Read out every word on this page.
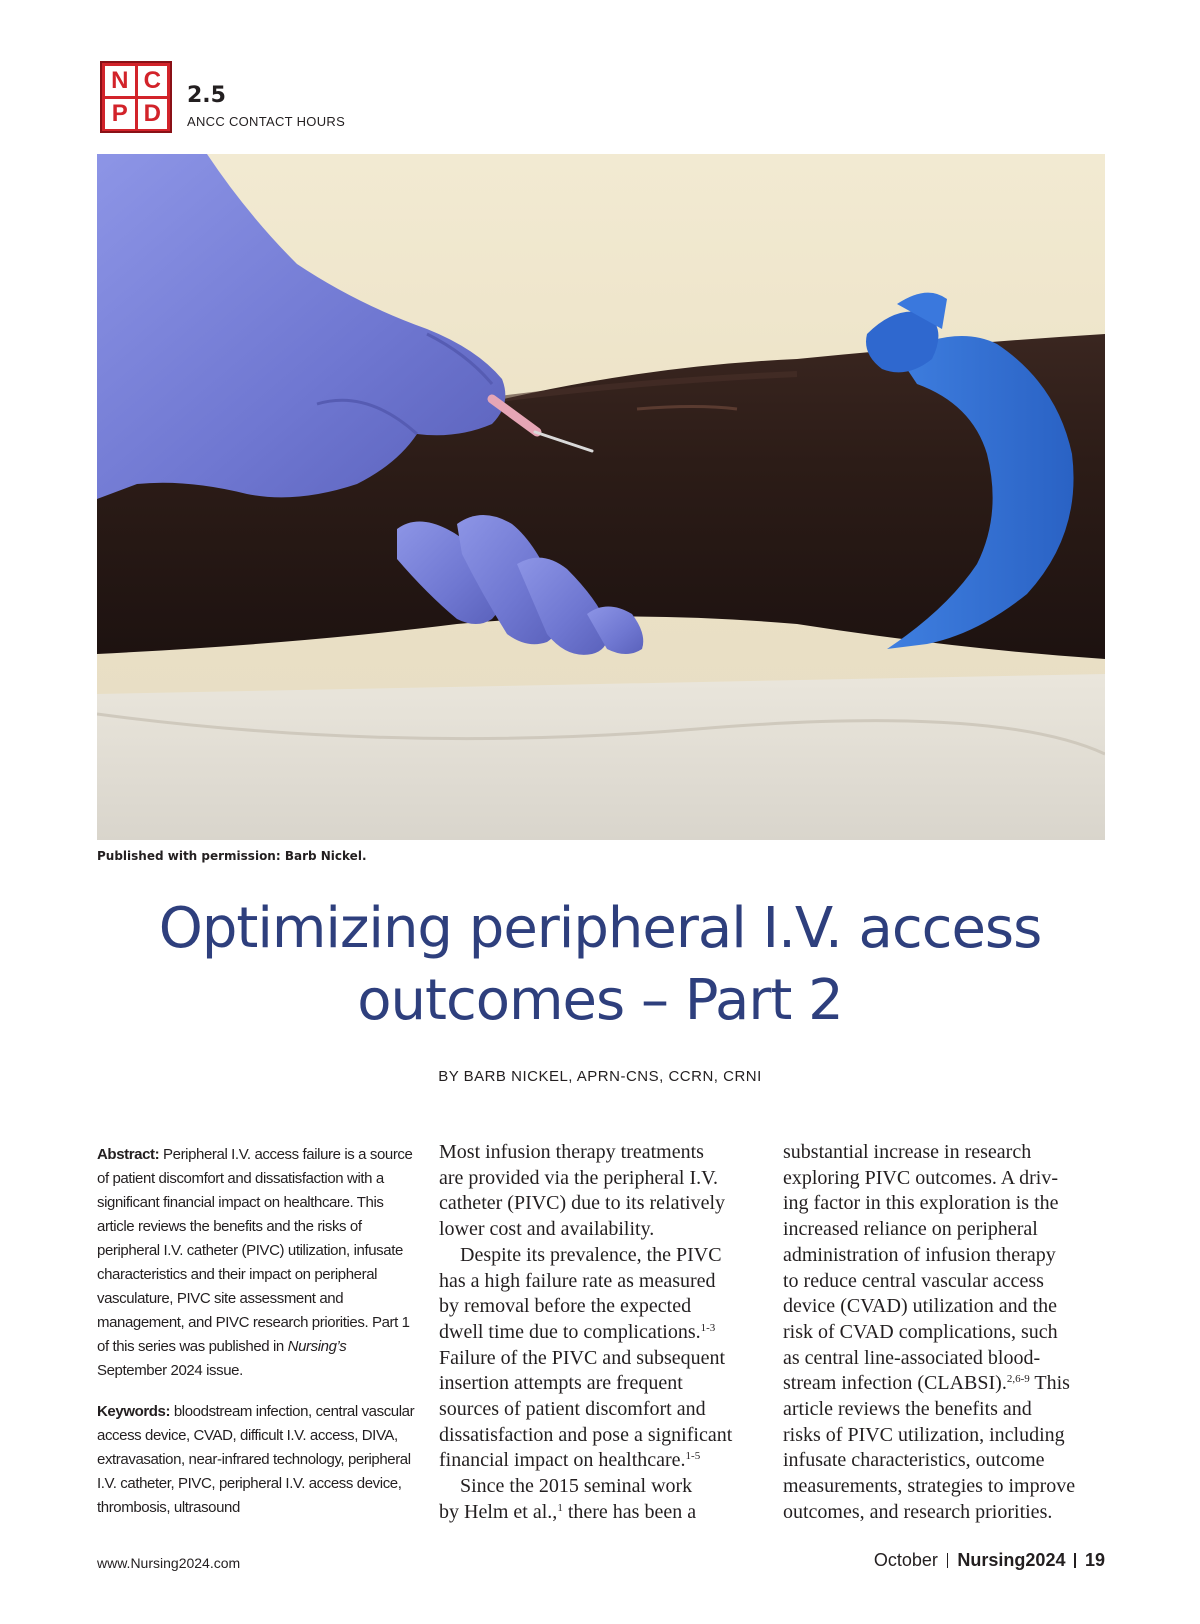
N C
P D
2.5
ANCC CONTACT HOURS
Published with permission: Barb Nickel.
Optimizing peripheral I.V. access
outcomes – Part 2
BY BARB NICKEL, APRN-CNS, CCRN, CRNI
Abstract: Peripheral I.V. access failure is a source of patient discomfort and dissatisfaction with a significant financial impact on healthcare. This article reviews the benefits and the risks of peripheral I.V. catheter (PIVC) utilization, infusate characteristics and their impact on peripheral vasculature, PIVC site assessment and management, and PIVC research priorities. Part 1 of this series was published in Nursing’s September 2024 issue.
Keywords: bloodstream infection, central vascular access device, CVAD, difficult I.V. access, DIVA, extravasation, near-infrared technology, peripheral I.V. catheter, PIVC, peripheral I.V. access device, thrombosis, ultrasound
Most infusion therapy treatments
are provided via the peripheral I.V.
catheter (PIVC) due to its relatively
lower cost and availability.
Despite its prevalence, the PIVC
has a high failure rate as measured
by removal before the expected
dwell time due to complications.$^{1-3}$
Failure of the PIVC and subsequent
insertion attempts are frequent
sources of patient discomfort and
dissatisfaction and pose a significant
financial impact on healthcare.$^{1-5}$
Since the 2015 seminal work
by Helm et al.,$^1$ there has been a
substantial increase in research
exploring PIVC outcomes. A driv-
ing factor in this exploration is the
increased reliance on peripheral
administration of infusion therapy
to reduce central vascular access
device (CVAD) utilization and the
risk of CVAD complications, such
as central line-associated blood-
stream infection (CLABSI).$^{2,6-9}$ This
article reviews the benefits and
risks of PIVC utilization, including
infusate characteristics, outcome
measurements, strategies to improve
outcomes, and research priorities.
www.Nursing2024.com	October Nursing2024 19
